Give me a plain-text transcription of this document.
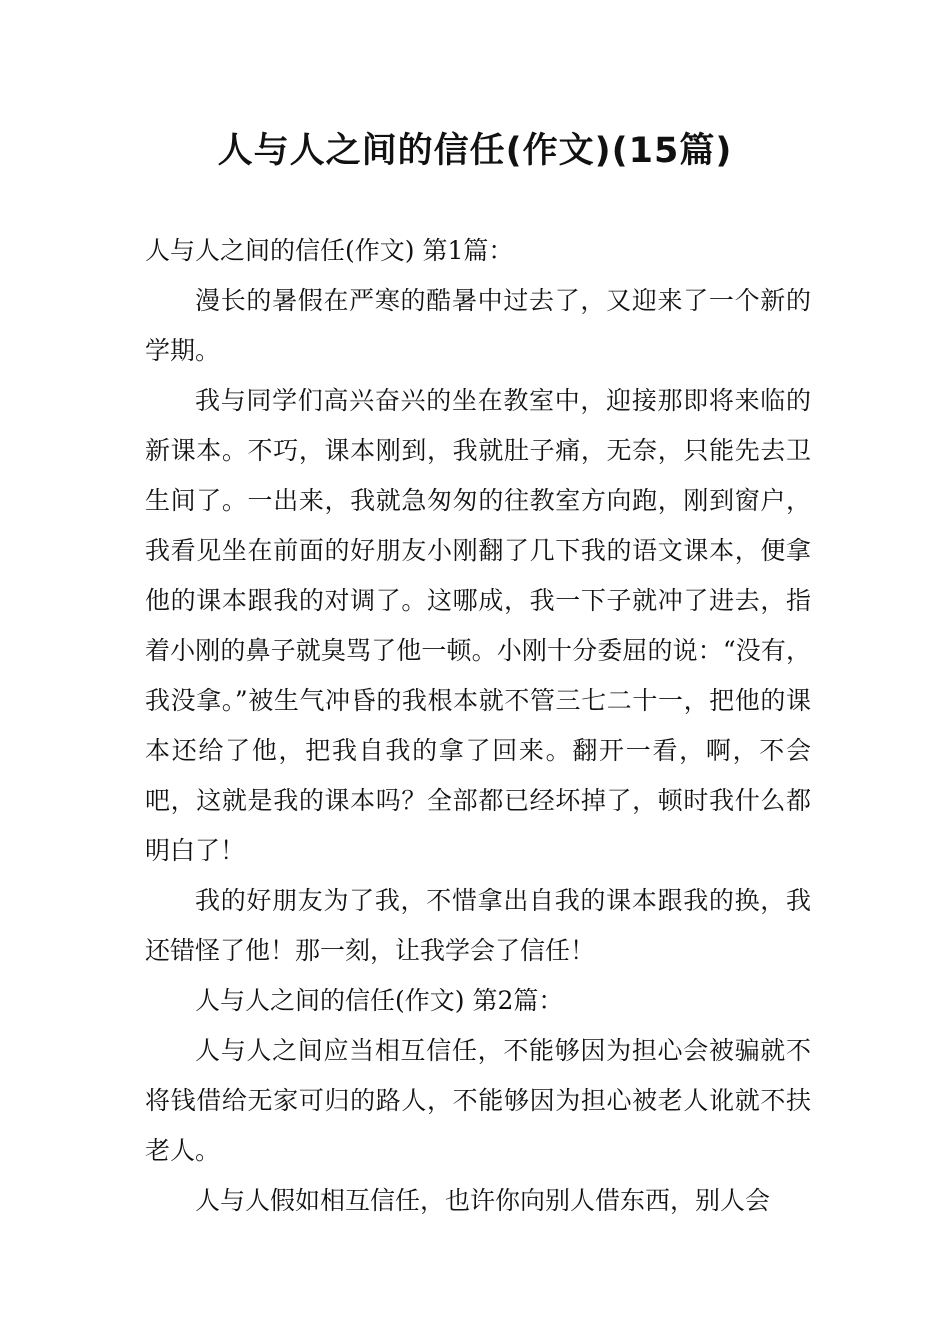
人与人之间的信任(作文)(15篇)

人与人之间的信任(作文) 第1篇：

漫长的暑假在严寒的酷暑中过去了，又迎来了一个新的学期。

我与同学们高兴奋兴的坐在教室中，迎接那即将来临的新课本。不巧，课本刚到，我就肚子痛，无奈，只能先去卫生间了。一出来，我就急匆匆的往教室方向跑，刚到窗户，我看见坐在前面的好朋友小刚翻了几下我的语文课本，便拿他的课本跟我的对调了。这哪成，我一下子就冲了进去，指着小刚的鼻子就臭骂了他一顿。小刚十分委屈的说：“没有，我没拿。”被生气冲昏的我根本就不管三七二十一，把他的课本还给了他，把我自我的拿了回来。翻开一看，啊，不会吧，这就是我的课本吗？全部都已经坏掉了，顿时我什么都明白了！

我的好朋友为了我，不惜拿出自我的课本跟我的换，我还错怪了他！那一刻，让我学会了信任！

人与人之间的信任(作文) 第2篇：

人与人之间应当相互信任，不能够因为担心会被骗就不将钱借给无家可归的路人，不能够因为担心被老人讹就不扶老人。

人与人假如相互信任，也许你向别人借东西，别人会
